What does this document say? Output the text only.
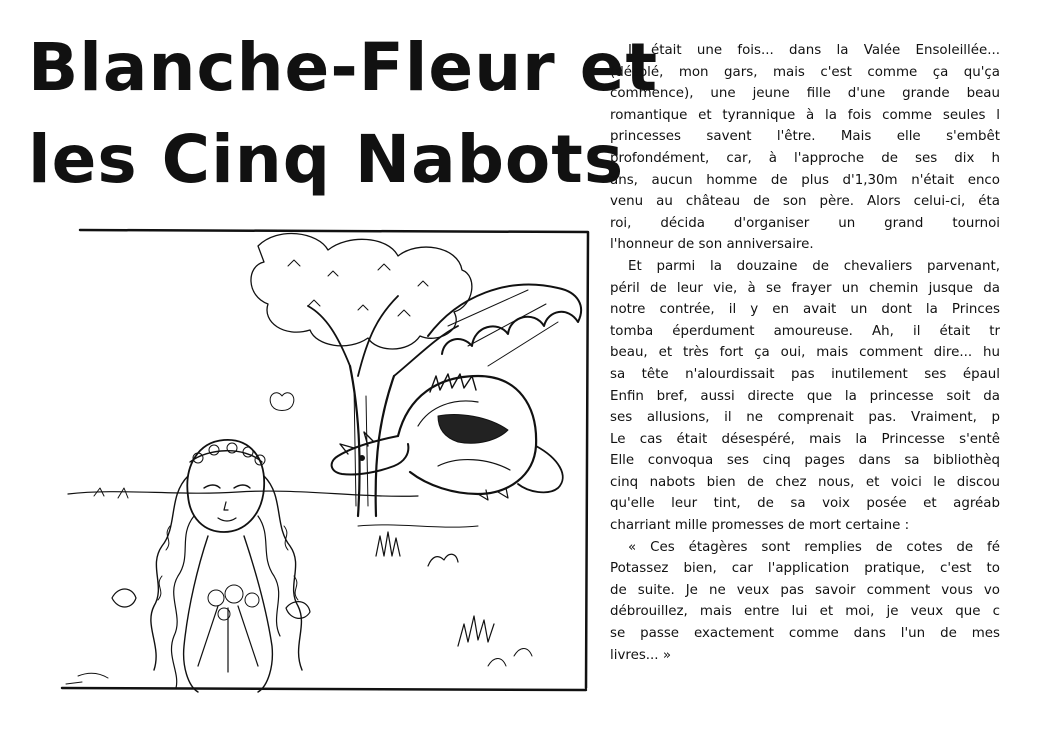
Blanche-Fleur et
les Cinq Nabots
Il était une fois... dans la Valée Ensoleillée...
(désolé, mon gars, mais c'est comme ça qu'ça
commence), une jeune fille d'une grande beau
romantique et tyrannique à la fois comme seules l
princesses savent l'être. Mais elle s'embêt
profondément, car, à l'approche de ses dix h
ans, aucun homme de plus d'1,30m n'était enco
venu au château de son père. Alors celui-ci, éta
roi, décida d'organiser un grand tournoi
l'honneur de son anniversaire.
Et parmi la douzaine de chevaliers parvenant,
péril de leur vie, à se frayer un chemin jusque da
notre contrée, il y en avait un dont la Princes
tomba éperdument amoureuse. Ah, il était tr
beau, et très fort ça oui, mais comment dire... hu
sa tête n'alourdissait pas inutilement ses épaul
Enfin bref, aussi directe que la princesse soit da
ses allusions, il ne comprenait pas. Vraiment, p
Le cas était désespéré, mais la Princesse s'entê
Elle convoqua ses cinq pages dans sa bibliothèq
cinq nabots bien de chez nous, et voici le discou
qu'elle leur tint, de sa voix posée et agréab
charriant mille promesses de mort certaine :
« Ces étagères sont remplies de cotes de fé
Potassez bien, car l'application pratique, c'est to
de suite. Je ne veux pas savoir comment vous vo
débrouillez, mais entre lui et moi, je veux que c
se passe exactement comme dans l'un de mes
livres... »
